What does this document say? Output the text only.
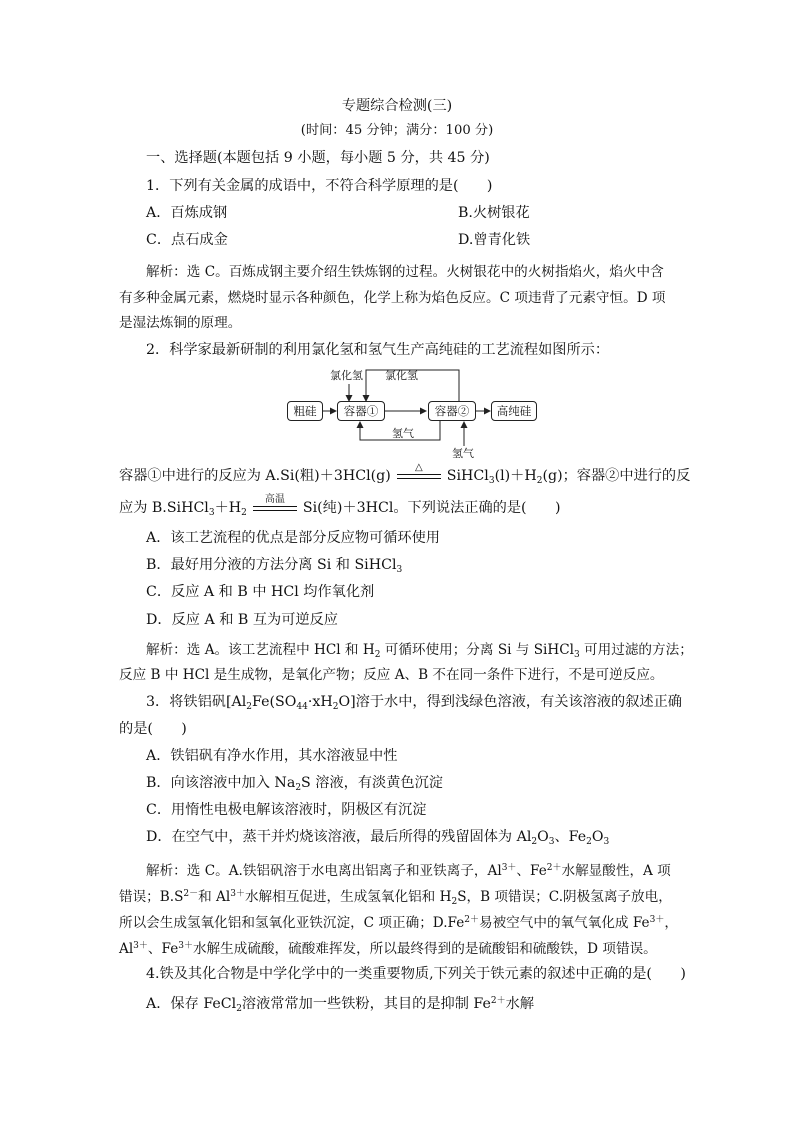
专题综合检测(三)
(时间：45 分钟；满分：100 分)
一、选择题(本题包括 9 小题，每小题 5 分，共 45 分)
1．下列有关金属的成语中，不符合科学原理的是(　　)
A．百炼成钢	B.火树银花
C．点石成金	D.曾青化铁
解析：选 C。百炼成钢主要介绍生铁炼钢的过程。火树银花中的火树指焰火，焰火中含
有多种金属元素，燃烧时显示各种颜色，化学上称为焰色反应。C 项违背了元素守恒。D 项
是湿法炼铜的原理。
2．科学家最新研制的利用氯化氢和氢气生产高纯硅的工艺流程如图所示：
粗硅	容器①	容器②	高纯硅
氯化氢 氯化氢
氢气
氢气
容器①中进行的反应为 A.Si(粗)＋3HCl(g)
△
$SiHCl_3(l)+H_2(g)$；容器②中进行的反
应为 $B.SiHCl_3+H_2$
高温
Si(纯)＋3HCl。下列说法正确的是(　　)
A．该工艺流程的优点是部分反应物可循环使用
B．最好用分液的方法分离 Si 和 SiHCl$_3$
C．反应 A 和 B 中 HCl 均作氧化剂
D．反应 A 和 B 互为可逆反应
解析：选 A。该工艺流程中 HCl 和 $H_2$ 可循环使用；分离 Si 与 SiHCl$_3$ 可用过滤的方法；
反应 B 中 HCl 是生成物，是氧化产物；反应 A、B 不在同一条件下进行，不是可逆反应。
3．将铁铝矾[$Al_2Fe(SO_{44}\cdot xH_2O]$溶于水中，得到浅绿色溶液，有关该溶液的叙述正确
的是(　　)
A．铁铝矾有净水作用，其水溶液显中性
B．向该溶液中加入 $Na_2S$ 溶液，有淡黄色沉淀
C．用惰性电极电解该溶液时，阴极区有沉淀
D．在空气中，蒸干并灼烧该溶液，最后所得的残留固体为 $Al_2O_3$、$Fe_2O_3$
解析：选 C。A.铁铝矾溶于水电离出铝离子和亚铁离子，$Al^{3+}$、$Fe^{2+}$水解显酸性，A 项
错误；$B.S^{2-}$和 $Al^{3+}$水解相互促进，生成氢氧化铝和 $H_2S$，B 项错误；C.阴极氢离子放电，
所以会生成氢氧化铝和氢氧化亚铁沉淀，C 项正确；$D.Fe^{2+}$易被空气中的氧气氧化成 $Fe^{3+}$，
$Al^{3+}$、$Fe^{3+}$水解生成硫酸，硫酸难挥发，所以最终得到的是硫酸铝和硫酸铁，D 项错误。
4.铁及其化合物是中学化学中的一类重要物质,下列关于铁元素的叙述中正确的是(　　)
A．保存 FeCl$_2$溶液常常加一些铁粉，其目的是抑制 $Fe^{2+}$水解
